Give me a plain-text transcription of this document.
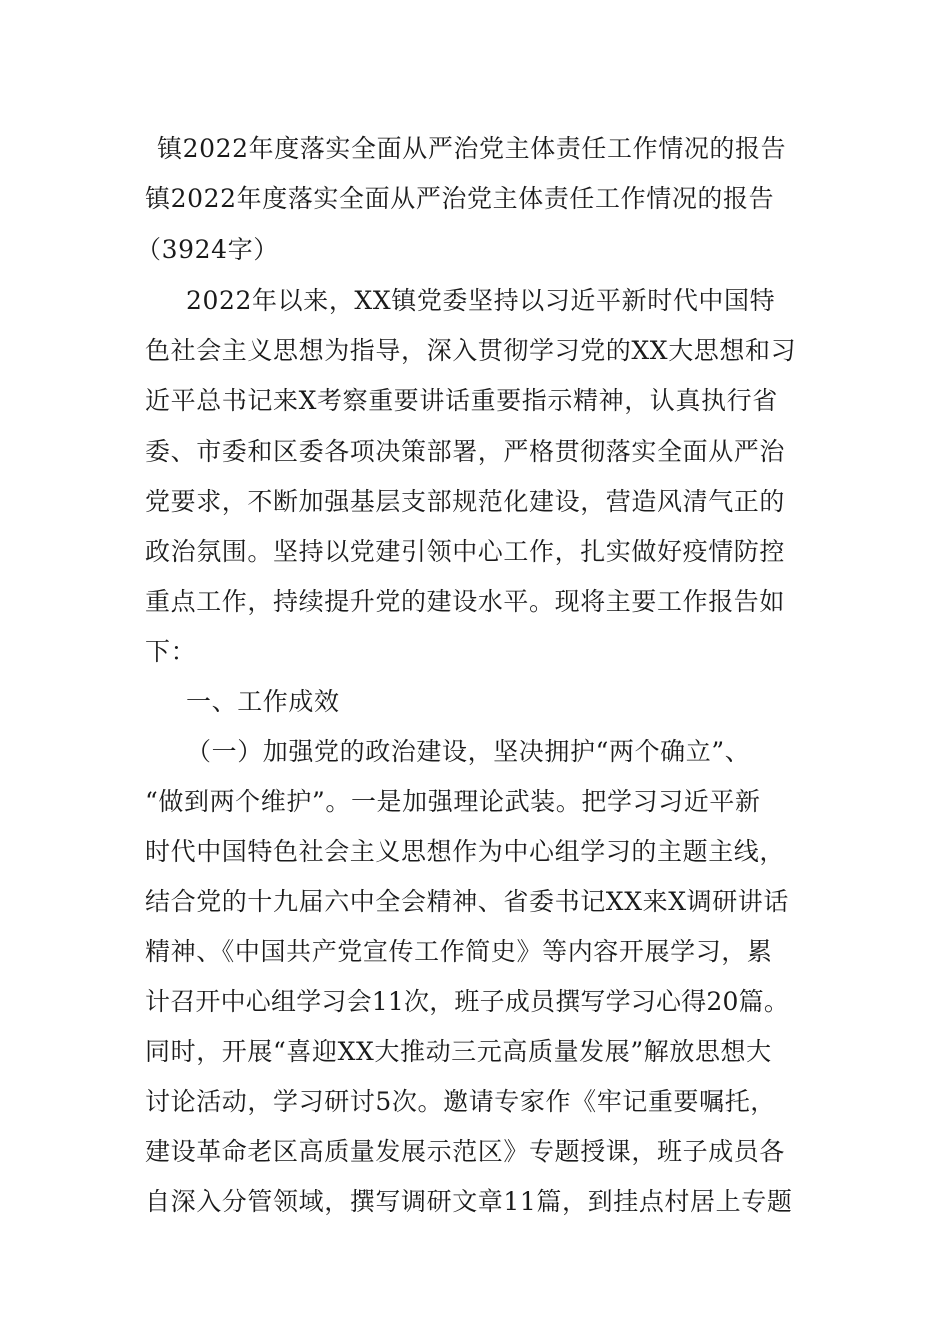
镇2022年度落实全面从严治党主体责任工作情况的报告
镇2022年度落实全面从严治党主体责任工作情况的报告
（3924字）
2022年以来，XX镇党委坚持以习近平新时代中国特
色社会主义思想为指导，深入贯彻学习党的XX大思想和习
近平总书记来X考察重要讲话重要指示精神，认真执行省
委、市委和区委各项决策部署，严格贯彻落实全面从严治
党要求，不断加强基层支部规范化建设，营造风清气正的
政治氛围。坚持以党建引领中心工作，扎实做好疫情防控
重点工作，持续提升党的建设水平。现将主要工作报告如
下：
一、工作成效
（一）加强党的政治建设，坚决拥护“两个确立”、
“做到两个维护”。一是加强理论武装。把学习习近平新
时代中国特色社会主义思想作为中心组学习的主题主线，
结合党的十九届六中全会精神、省委书记XX来X调研讲话
精神、《中国共产党宣传工作简史》等内容开展学习，累
计召开中心组学习会11次，班子成员撰写学习心得20篇。
同时，开展“喜迎XX大推动三元高质量发展”解放思想大
讨论活动，学习研讨5次。邀请专家作《牢记重要嘱托，
建设革命老区高质量发展示范区》专题授课，班子成员各
自深入分管领域，撰写调研文章11篇，到挂点村居上专题
